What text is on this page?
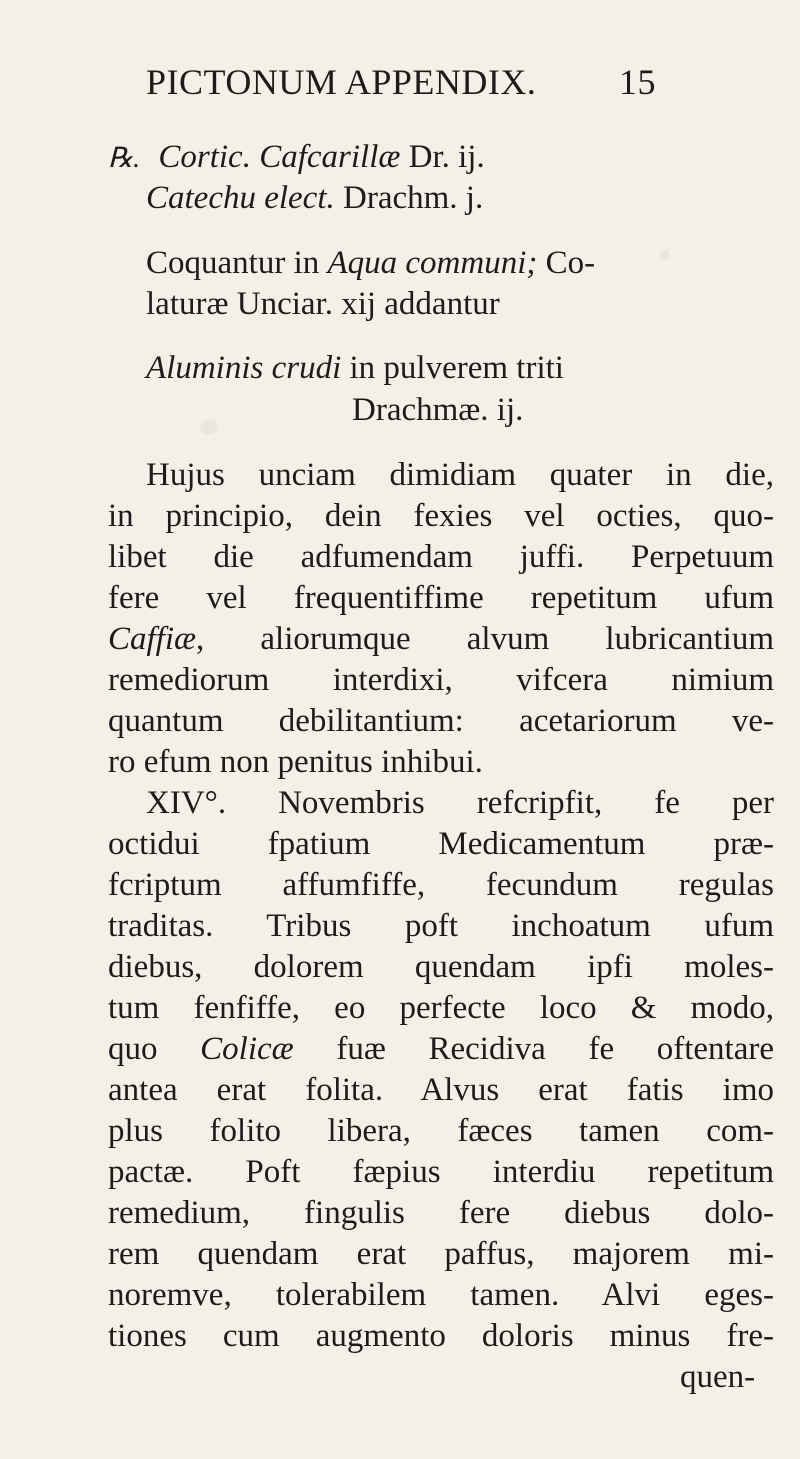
PICTONUM APPENDIX. 15
℞. Cortic. Cafcarillæ Dr. ij.
Catechu elect. Drachm. j.
Coquantur in Aqua communi; Co-
laturæ Unciar. xij addantur
Aluminis crudi in pulverem triti
Drachmæ. ij.
Hujus unciam dimidiam quater in die,
in principio, dein fexies vel octies, quo-
libet die adfumendam juffi. Perpetuum
fere vel frequentiffime repetitum ufum
Caffiæ, aliorumque alvum lubricantium
remediorum interdixi, vifcera nimium
quantum debilitantium: acetariorum ve-
ro efum non penitus inhibui.
XIV°. Novembris refcripfit, fe per
octidui fpatium Medicamentum præ-
fcriptum affumfiffe, fecundum regulas
traditas. Tribus poft inchoatum ufum
diebus, dolorem quendam ipfi moles-
tum fenfiffe, eo perfecte loco & modo,
quo Colicæ fuæ Recidiva fe oftentare
antea erat folita. Alvus erat fatis imo
plus folito libera, fæces tamen com-
pactæ. Poft fæpius interdiu repetitum
remedium, fingulis fere diebus dolo-
rem quendam erat paffus, majorem mi-
noremve, tolerabilem tamen. Alvi eges-
tiones cum augmento doloris minus fre-
quen-
